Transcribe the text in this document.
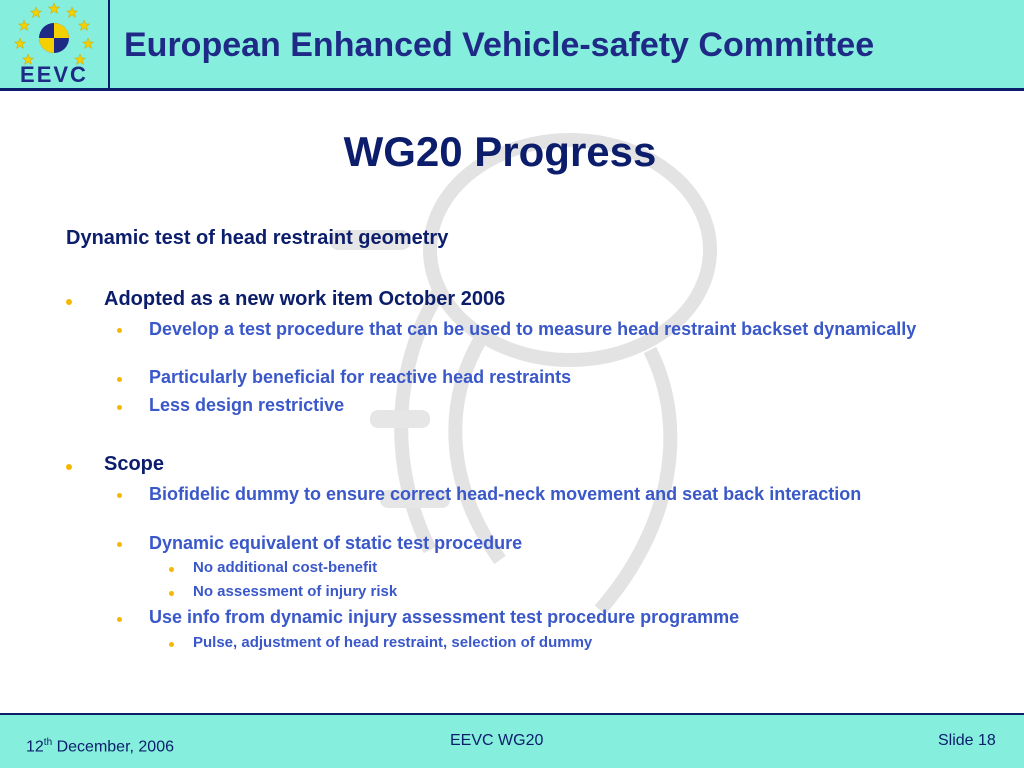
EEVC
European Enhanced Vehicle-safety Committee
WG20 Progress
Dynamic test of head restraint geometry
Adopted as a new work item October 2006
Develop a test procedure that can be used to measure head restraint backset dynamically
Particularly beneficial for reactive head restraints
Less design restrictive
Scope
Biofidelic dummy to ensure correct head-neck movement and seat back interaction
Dynamic equivalent of static test procedure
No additional cost-benefit
No assessment of injury risk
Use info from dynamic injury assessment test procedure programme
Pulse, adjustment of head restraint, selection of dummy
12th December, 2006	EEVC WG20	Slide 18
